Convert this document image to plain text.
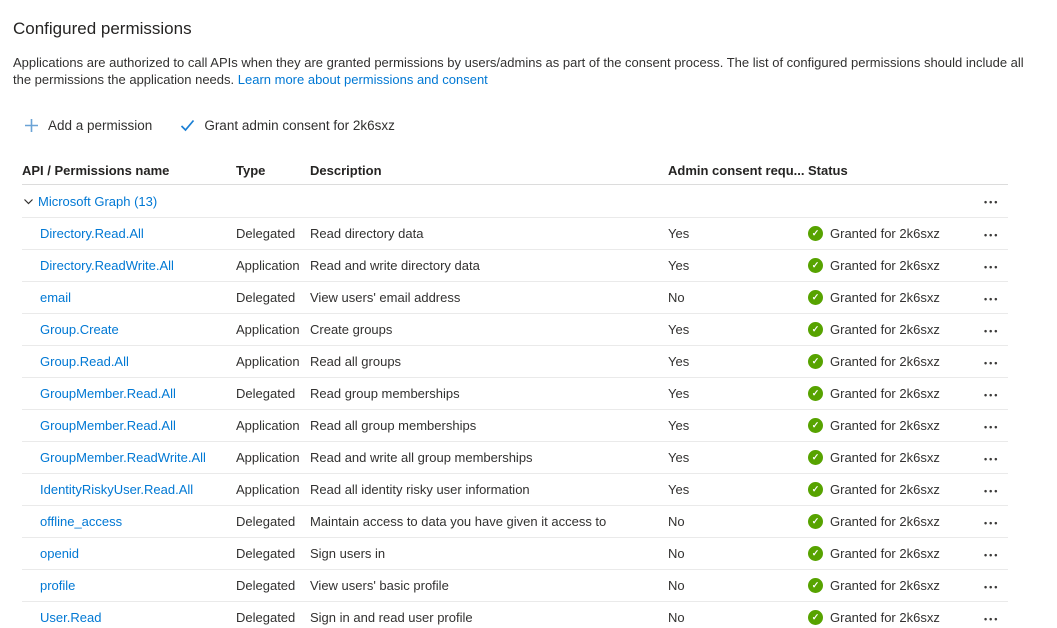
Configured permissions

Applications are authorized to call APIs when they are granted permissions by users/admins as part of the consent process. The list of configured permissions should include all the permissions the application needs. Learn more about permissions and consent

Add a permission	Grant admin consent for 2k6sxz
API / Permissions name	Type	Description	Admin consent requ... Status
Microsoft Graph (13)	•••
Directory.Read.All	Delegated	Read directory data	Yes	✓ Granted for 2k6sxz	•••
Directory.ReadWrite.All	Application Read and write directory data	Yes	✓ Granted for 2k6sxz	•••
email	Delegated	View users' email address	No	✓ Granted for 2k6sxz	•••
Group.Create	Application Create groups	Yes	✓ Granted for 2k6sxz	•••
Group.Read.All	Application Read all groups	Yes	✓ Granted for 2k6sxz	•••
GroupMember.Read.All	Delegated	Read group memberships	Yes	✓ Granted for 2k6sxz	•••
GroupMember.Read.All	Application Read all group memberships	Yes	✓ Granted for 2k6sxz	•••
GroupMember.ReadWrite.All	Application Read and write all group memberships	Yes	✓ Granted for 2k6sxz	•••
IdentityRiskyUser.Read.All	Application Read all identity risky user information	Yes	✓ Granted for 2k6sxz	•••
offline_access	Delegated	Maintain access to data you have given it access to	No	✓ Granted for 2k6sxz	•••
openid	Delegated	Sign users in	No	✓ Granted for 2k6sxz	•••
profile	Delegated	View users' basic profile	No	✓ Granted for 2k6sxz	•••
User.Read	Delegated	Sign in and read user profile	No	✓ Granted for 2k6sxz	•••
